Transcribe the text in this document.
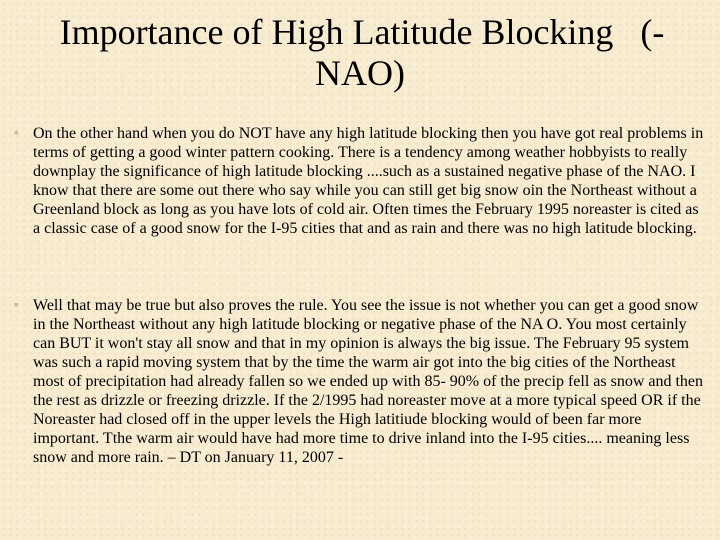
Importance of High Latitude Blocking   (-
NAO)
▪ On the other hand when you do NOT have any high latitude blocking then you have got real problems in terms of getting a good winter pattern cooking. There is a tendency among weather hobbyists to really downplay the significance of high latitude blocking ....such as a sustained negative phase of the NAO. I know that there are some out there who say while you can still get big snow oin the Northeast without a Greenland block as long as you have lots of cold air. Often times the February 1995 noreaster is cited as a classic case of a good snow for the I-95 cities that and as rain and there was no high latitude blocking.

▪ Well that may be true but also proves the rule. You see the issue is not whether you can get a good snow in the Northeast without any high latitude blocking or negative phase of the NA O. You most certainly can BUT it won't stay all snow and that in my opinion is always the big issue. The February 95 system was such a rapid moving system that by the time the warm air got into the big cities of the Northeast most of precipitation had already fallen so we ended up with 85- 90% of the precip fell as snow and then the rest as drizzle or freezing drizzle. If the 2/1995 had noreaster move at a more typical speed OR if the Noreaster had closed off in the upper levels the High latitiude blocking would of been far more important. Tthe warm air would have had more time to drive inland into the I-95 cities.... meaning less snow and more rain. – DT on January 11, 2007 -
